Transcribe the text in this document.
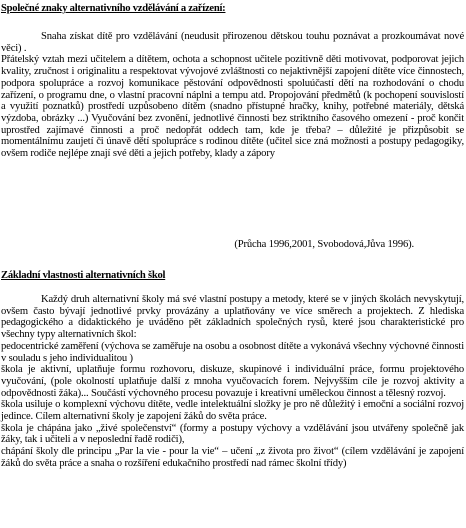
Společné znaky alternativního vzdělávání a zařízení:

Snaha získat dítě pro vzdělávání (neudusit přirozenou dětskou touhu poznávat a prozkoumávat nové věci) .

Přátelský vztah mezi učitelem a dítětem, ochota a schopnost učitele pozitivně děti motivovat, podporovat jejich kvality, zručnost i originalitu a respektovat vývojové zvláštnosti co nejaktivnější zapojení dítěte více činnostech, podpora spolupráce a rozvoj komunikace pěstování odpovědnosti spoluúčastí dětí na rozhodování o chodu zařízení, o programu dne, o vlastní pracovní náplni a tempu atd. Propojování předmětů (k pochopení souvislostí a využití poznatků) prostředí uzpůsobeno dítěm (snadno přístupné hračky, knihy, potřebné materiály, dětská výzdoba, obrázky ...) Vyučování bez zvonění, jednotlivé činnosti bez striktního časového omezení - proč končit uprostřed zajímavé činnosti a proč nedopřát oddech tam, kde je třeba? – důležité je přizpůsobit se momentálnímu zaujetí či únavě dětí spolupráce s rodinou dítěte (učitel sice zná možnosti a postupy pedagogiky, ovšem rodiče nejlépe znají své děti a jejich potřeby, klady a zápory

(Průcha 1996,2001, Svobodová,Jůva 1996).

Základní vlastnosti alternativních škol

Každý druh alternativní školy má své vlastní postupy a metody, které se v jiných školách nevyskytují, ovšem často bývají jednotlivé prvky provázány a uplatňovány ve více směrech a projektech. Z hlediska pedagogického a didaktického je uváděno pět základních společných rysů, které jsou charakteristické pro všechny typy alternativních škol:

pedocentrické zaměření (výchova se zaměřuje na osobu a osobnost dítěte a vykonává všechny výchovné činnosti v souladu s jeho individualitou )

škola je aktivní, uplatňuje formu rozhovoru, diskuze, skupinové i individuální práce, formu projektového vyučování, (pole okolností uplatňuje další z mnoha vyučovacích forem. Nejvyšším cíle je rozvoj aktivity a odpovědnosti žáka)... Součástí výchovného procesu povazuje i kreativní uměleckou činnost a tělesný rozvoj.

škola usiluje o komplexní výchovu dítěte, vedle intelektuální složky je pro ně důležitý i emoční a sociální rozvoj jedince. Cílem alternativní školy je zapojení žáků do světa práce.

škola je chápána jako „živé společenství“ (formy a postupy výchovy a vzdělávání jsou utvářeny společně jak žáky, tak i učiteli a v neposlední řadě rodiči),

chápání školy dle principu „Par la vie - pour la vie“ – učení „z života pro život“ (cílem vzdělávání je zapojení žáků do světa práce a snaha o rozšíření edukačního prostředí nad rámec školní třídy)
